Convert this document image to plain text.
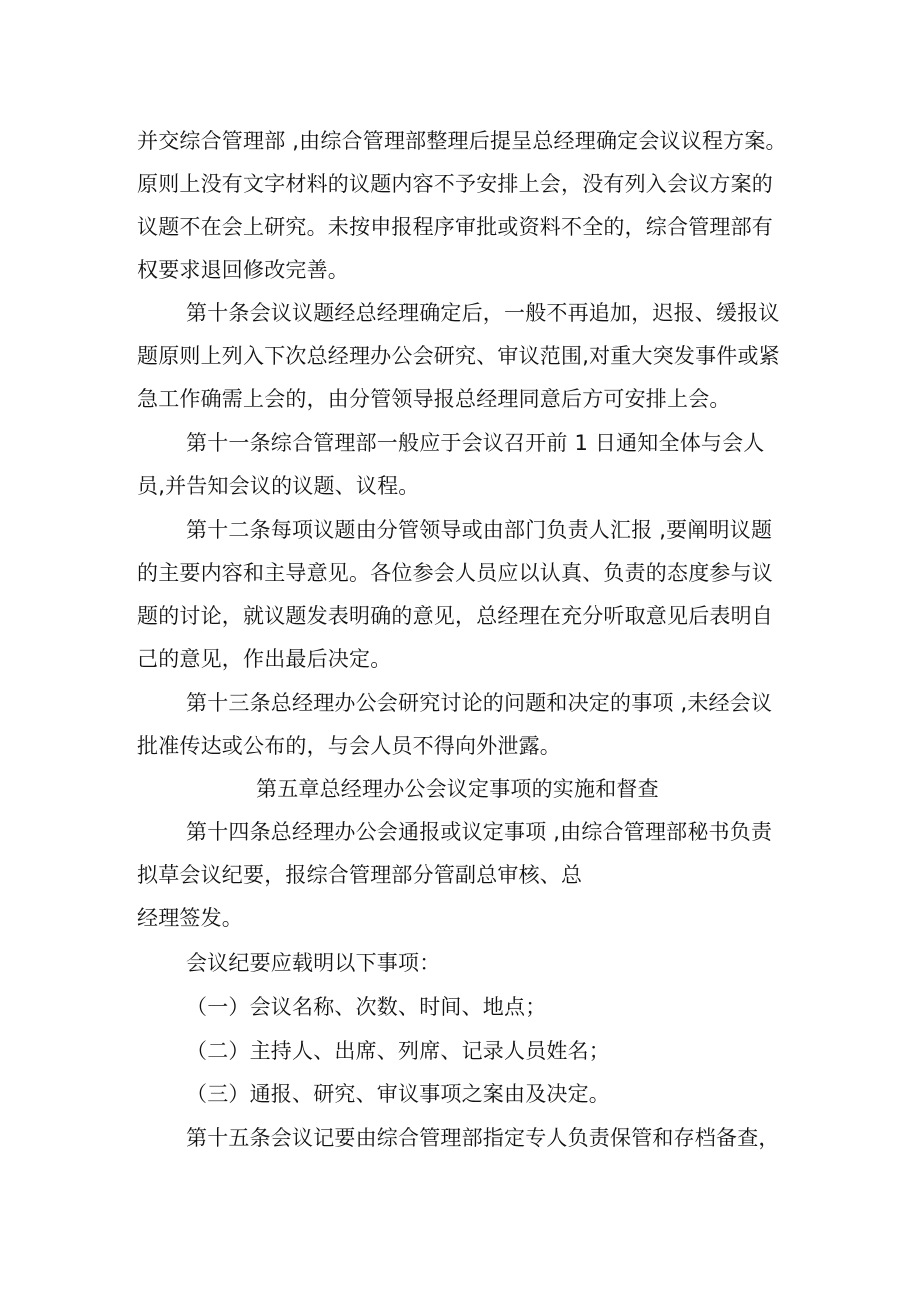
并交综合管理部 ,由综合管理部整理后提呈总经理确定会议议程方案。
原则上没有文字材料的议题内容不予安排上会，没有列入会议方案的
议题不在会上研究。未按申报程序审批或资料不全的，综合管理部有
权要求退回修改完善。
第十条会议议题经总经理确定后，一般不再追加，迟报、缓报议
题原则上列入下次总经理办公会研究、审议范围,对重大突发事件或紧
急工作确需上会的，由分管领导报总经理同意后方可安排上会。
第十一条综合管理部一般应于会议召开前 1 日通知全体与会人
员,并告知会议的议题、议程。
第十二条每项议题由分管领导或由部门负责人汇报 ,要阐明议题
的主要内容和主导意见。各位参会人员应以认真、负责的态度参与议
题的讨论，就议题发表明确的意见，总经理在充分听取意见后表明自
己的意见，作出最后决定。
第十三条总经理办公会研究讨论的问题和决定的事项 ,未经会议
批准传达或公布的，与会人员不得向外泄露。
第五章总经理办公会议定事项的实施和督查
第十四条总经理办公会通报或议定事项 ,由综合管理部秘书负责
拟草会议纪要，报综合管理部分管副总审核、总
经理签发。
会议纪要应载明以下事项：
（一）会议名称、次数、时间、地点；
（二）主持人、出席、列席、记录人员姓名；
（三）通报、研究、审议事项之案由及决定。
第十五条会议记要由综合管理部指定专人负责保管和存档备查，
